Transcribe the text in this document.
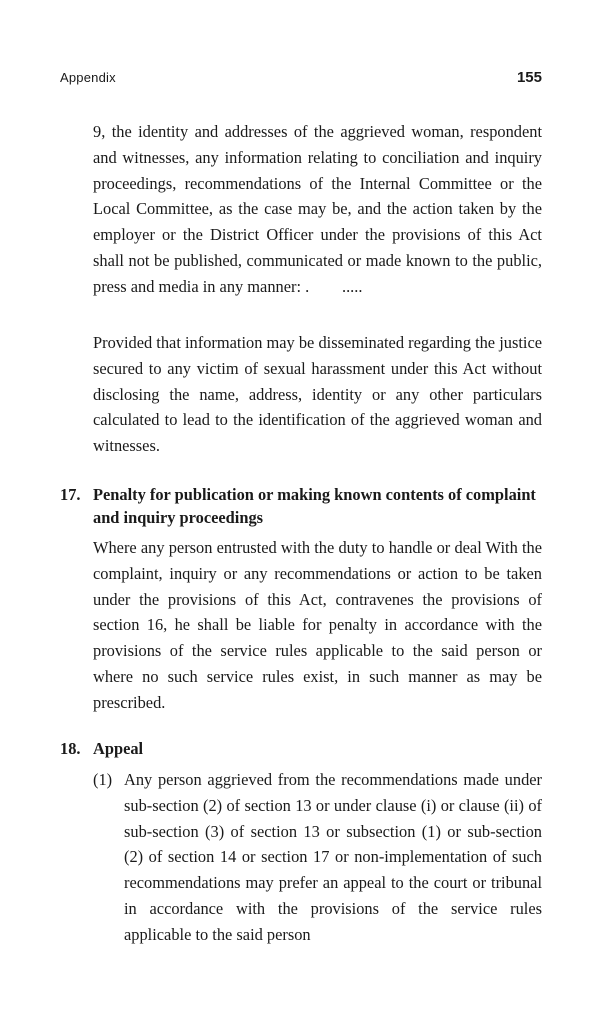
Appendix	155

9, the identity and addresses of the aggrieved woman, respondent and witnesses, any information relating to conciliation and inquiry proceedings, recommendations of the Internal Committee or the Local Committee, as the case may be, and the action taken by the employer or the District Officer under the provisions of this Act shall not be published, communicated or made known to the public, press and media in any manner: .        .....

Provided that information may be disseminated regarding the justice secured to any victim of sexual harassment under this Act without disclosing the name, address, identity or any other particulars calculated to lead to the identification of the aggrieved woman and witnesses.

17. Penalty for publication or making known contents of complaint and inquiry proceedings

Where any person entrusted with the duty to handle or deal With the complaint, inquiry or any recommendations or action to be taken under the provisions of this Act, contravenes the provisions of section 16, he shall be liable for penalty in accordance with the provisions of the service rules applicable to the said person or where no such service rules exist, in such manner as may be prescribed.

18. Appeal
(1) Any person aggrieved from the recommendations made under sub-section (2) of section 13 or under clause (i) or clause (ii) of sub-section (3) of section 13 or subsection (1) or sub-section (2) of section 14 or section 17 or non-implementation of such recommendations may prefer an appeal to the court or tribunal in accordance with the provisions of the service rules applicable to the said person
